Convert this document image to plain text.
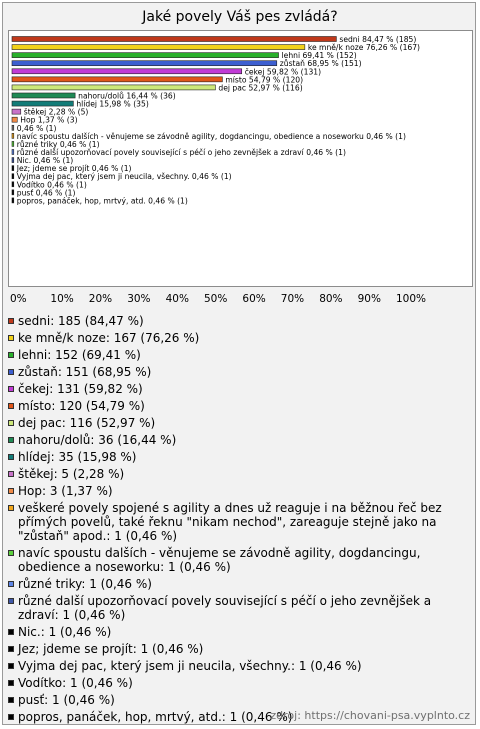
Jaké povely Váš pes zvládá?
sedni 84,47 % (185)
ke mně/k noze 76,26 % (167)
lehni 69,41 % (152)
zůstaň 68,95 % (151)
čekej 59,82 % (131)
místo 54,79 % (120)
dej pac 52,97 % (116)
nahoru/dolů 16,44 % (36)
hlídej 15,98 % (35)
štěkej 2,28 % (5)
Hop 1,37 % (3)
0,46 % (1)
navíc spoustu dalších - věnujeme se závodně agility, dogdancingu, obedience a noseworku 0,46 % (1)
různé triky 0,46 % (1)
různé další upozorňovací povely související s péčí o jeho zevnějšek a zdraví 0,46 % (1)
Nic. 0,46 % (1)
Jez; jdeme se projít 0,46 % (1)
Vyjma dej pac, který jsem ji neucila, všechny. 0,46 % (1)
Vodítko 0,46 % (1)
pusť 0,46 % (1)
popros, panáček, hop, mrtvý, atd. 0,46 % (1)
0% 10% 20% 30% 40% 50% 60% 70% 80% 90% 100%
sedni: 185 (84,47 %)
ke mně/k noze: 167 (76,26 %)
lehni: 152 (69,41 %)
zůstaň: 151 (68,95 %)
čekej: 131 (59,82 %)
místo: 120 (54,79 %)
dej pac: 116 (52,97 %)
nahoru/dolů: 36 (16,44 %)
hlídej: 35 (15,98 %)
štěkej: 5 (2,28 %)
Hop: 3 (1,37 %)
veškeré povely spojené s agility a dnes už reaguje i na běžnou řeč bez přímých povelů, také řeknu "nikam nechod", zareaguje stejně jako na "zůstaň" apod.: 1 (0,46 %)
navíc spoustu dalších - věnujeme se závodně agility, dogdancingu, obedience a noseworku: 1 (0,46 %)
různé triky: 1 (0,46 %)
různé další upozorňovací povely související s péčí o jeho zevnějšek a zdraví: 1 (0,46 %)
Nic.: 1 (0,46 %)
Jez; jdeme se projít: 1 (0,46 %)
Vyjma dej pac, který jsem ji neucila, všechny.: 1 (0,46 %)
Vodítko: 1 (0,46 %)
pusť: 1 (0,46 %)
popros, panáček, hop, mrtvý, atd.: 1 (0,46 %)
zdroj: https://chovani-psa.vyplnto.cz
